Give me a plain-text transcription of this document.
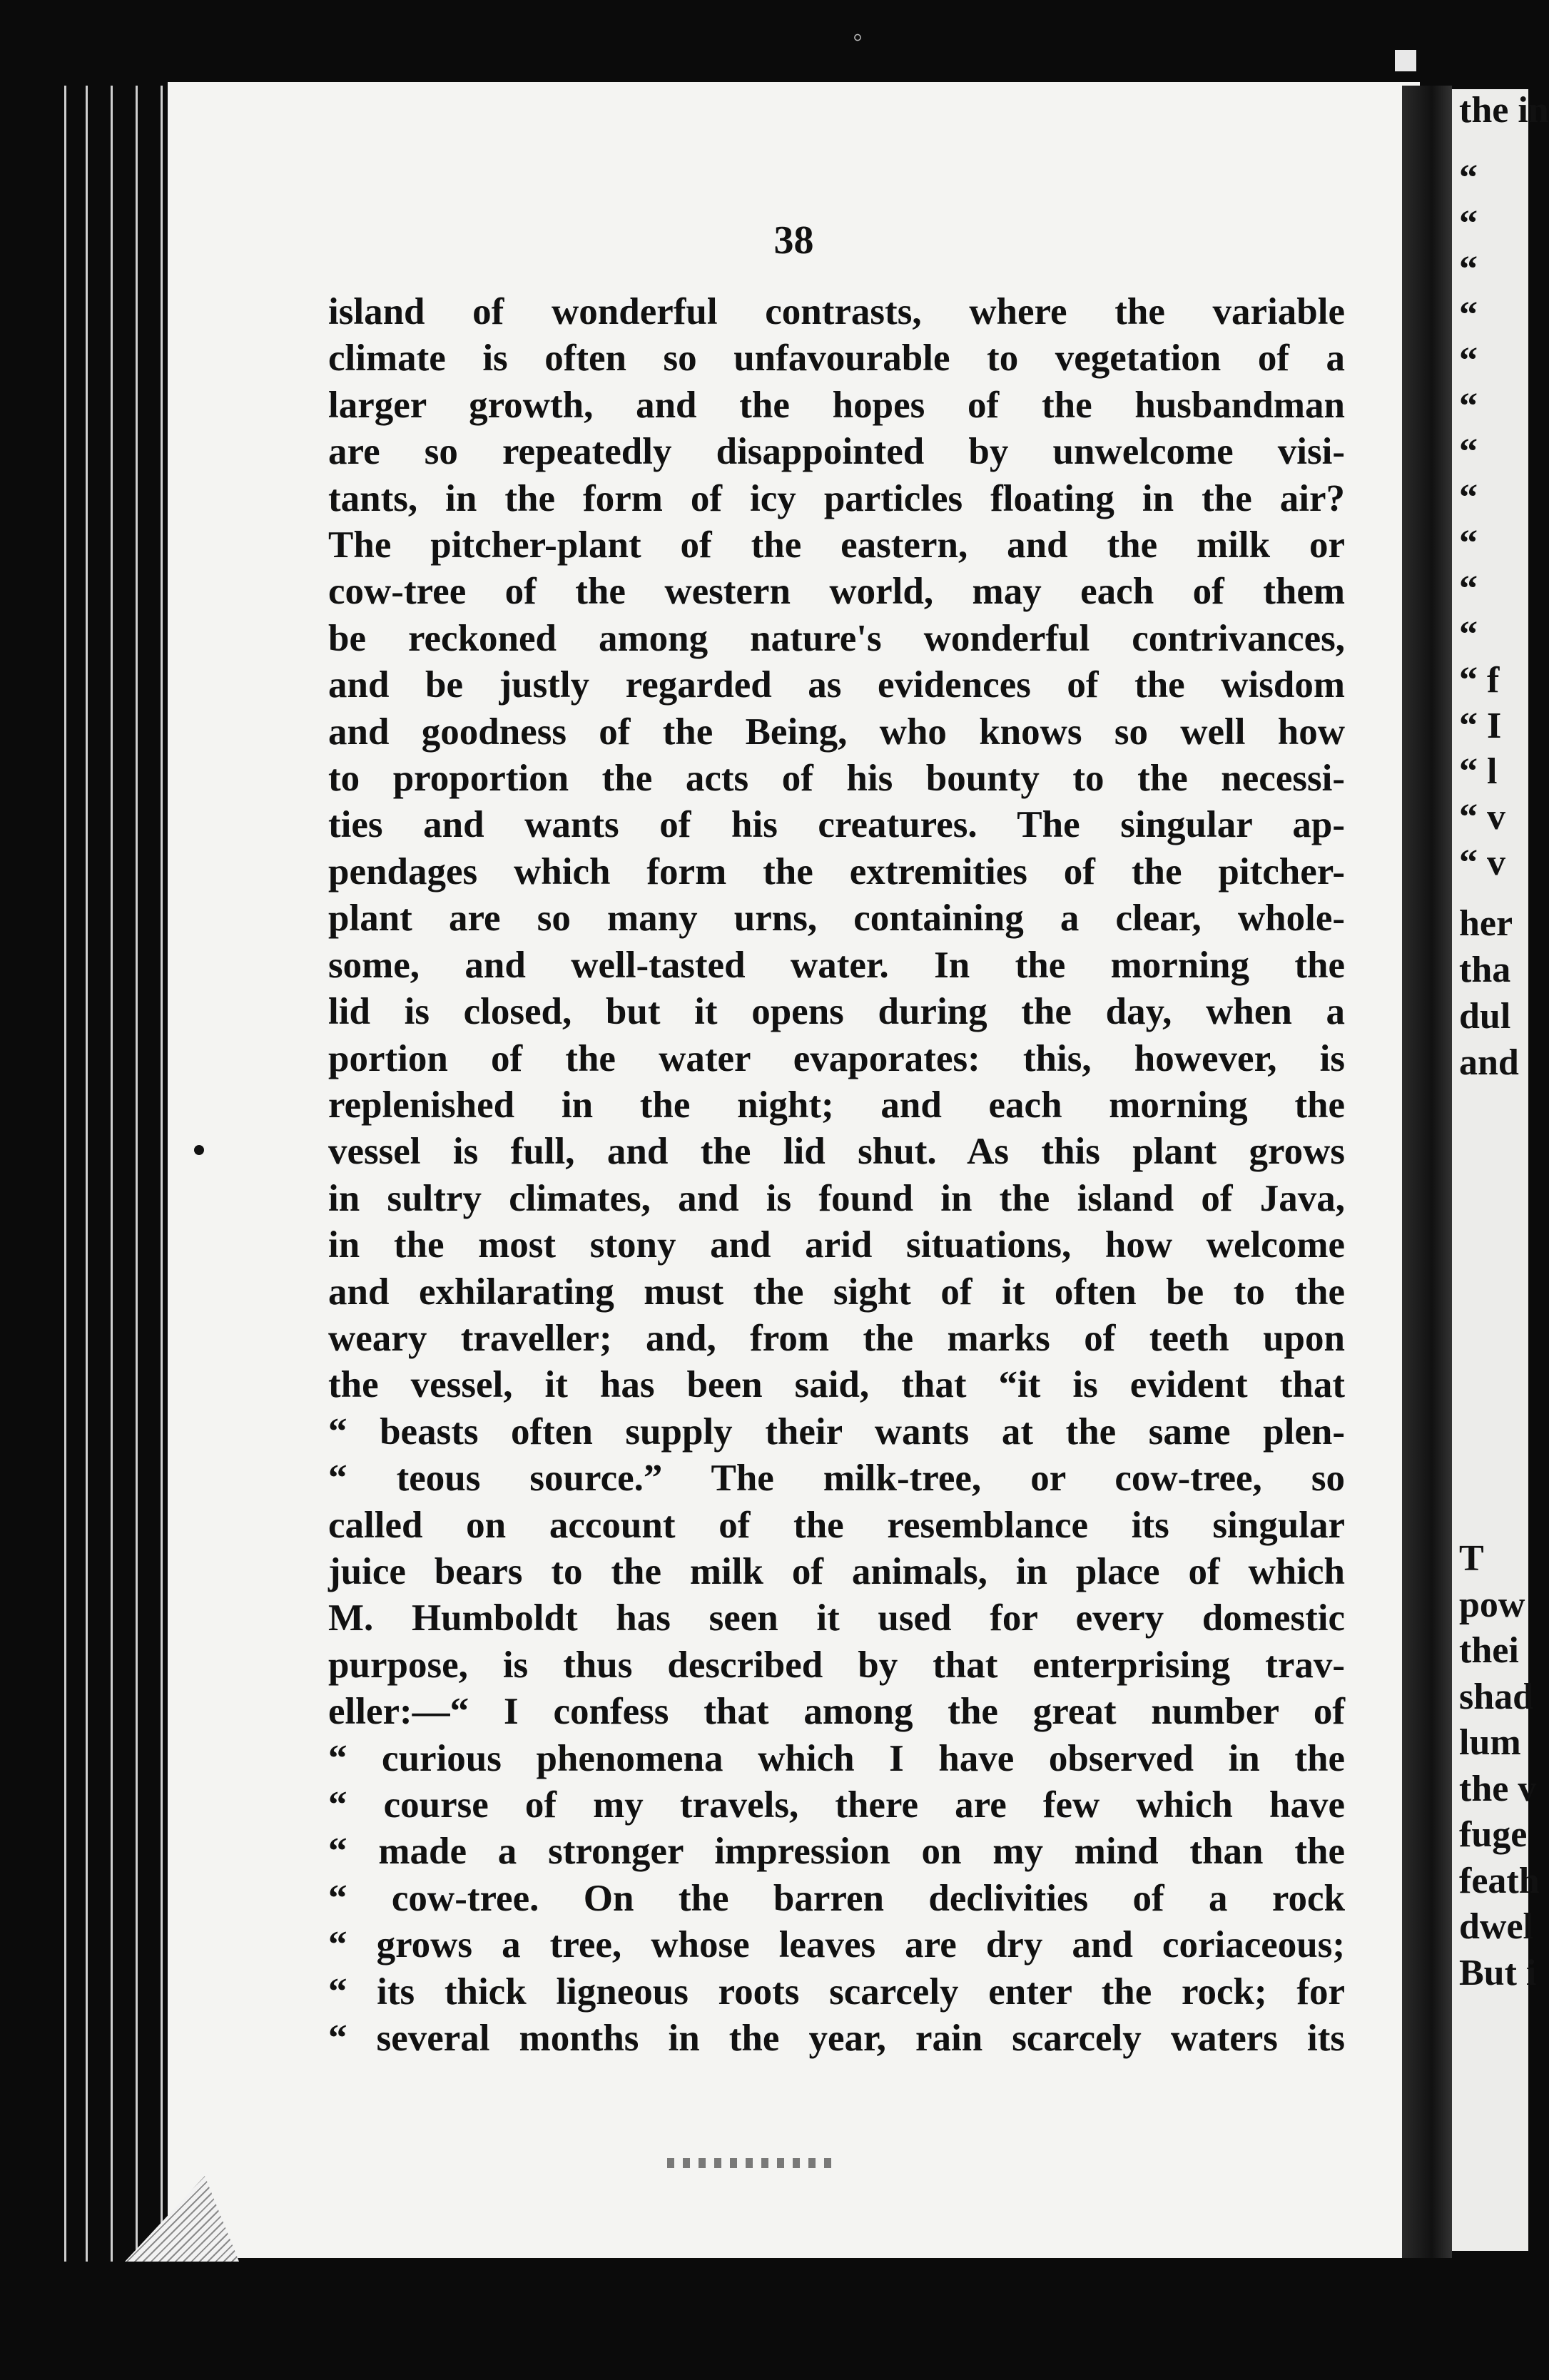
◦
38
island of wonderful contrasts, where the variable
climate is often so unfavourable to vegetation of a
larger growth, and the hopes of the husbandman
are so repeatedly disappointed by unwelcome visi-
tants, in the form of icy particles floating in the air?
The pitcher-plant of the eastern, and the milk or
cow-tree of the western world, may each of them
be reckoned among nature's wonderful contrivances,
and be justly regarded as evidences of the wisdom
and goodness of the Being, who knows so well how
to proportion the acts of his bounty to the necessi-
ties and wants of his creatures. The singular ap-
pendages which form the extremities of the pitcher-
plant are so many urns, containing a clear, whole-
some, and well-tasted water. In the morning the
lid is closed, but it opens during the day, when a
portion of the water evaporates: this, however, is
replenished in the night; and each morning the
vessel is full, and the lid shut. As this plant grows
in sultry climates, and is found in the island of Java,
in the most stony and arid situations, how welcome
and exhilarating must the sight of it often be to the
weary traveller; and, from the marks of teeth upon
the vessel, it has been said, that “it is evident that
“ beasts often supply their wants at the same plen-
“ teous source.” The milk-tree, or cow-tree, so
called on account of the resemblance its singular
juice bears to the milk of animals, in place of which
M. Humboldt has seen it used for every domestic
purpose, is thus described by that enterprising trav-
eller:—“ I confess that among the great number of
“ curious phenomena which I have observed in the
“ course of my travels, there are few which have
“ made a stronger impression on my mind than the
“ cow-tree. On the barren declivities of a rock
“ grows a tree, whose leaves are dry and coriaceous;
“ its thick ligneous roots scarcely enter the rock; for
“ several months in the year, rain scarcely waters its
“
“
“
“
“
“
“
“
“
“
“
“ f
“ I
“ l
“ v
“ v
her
tha
dul
and
T
pow
thei
shad
lum
the v
fuge
feath
dwel
But i
the in
